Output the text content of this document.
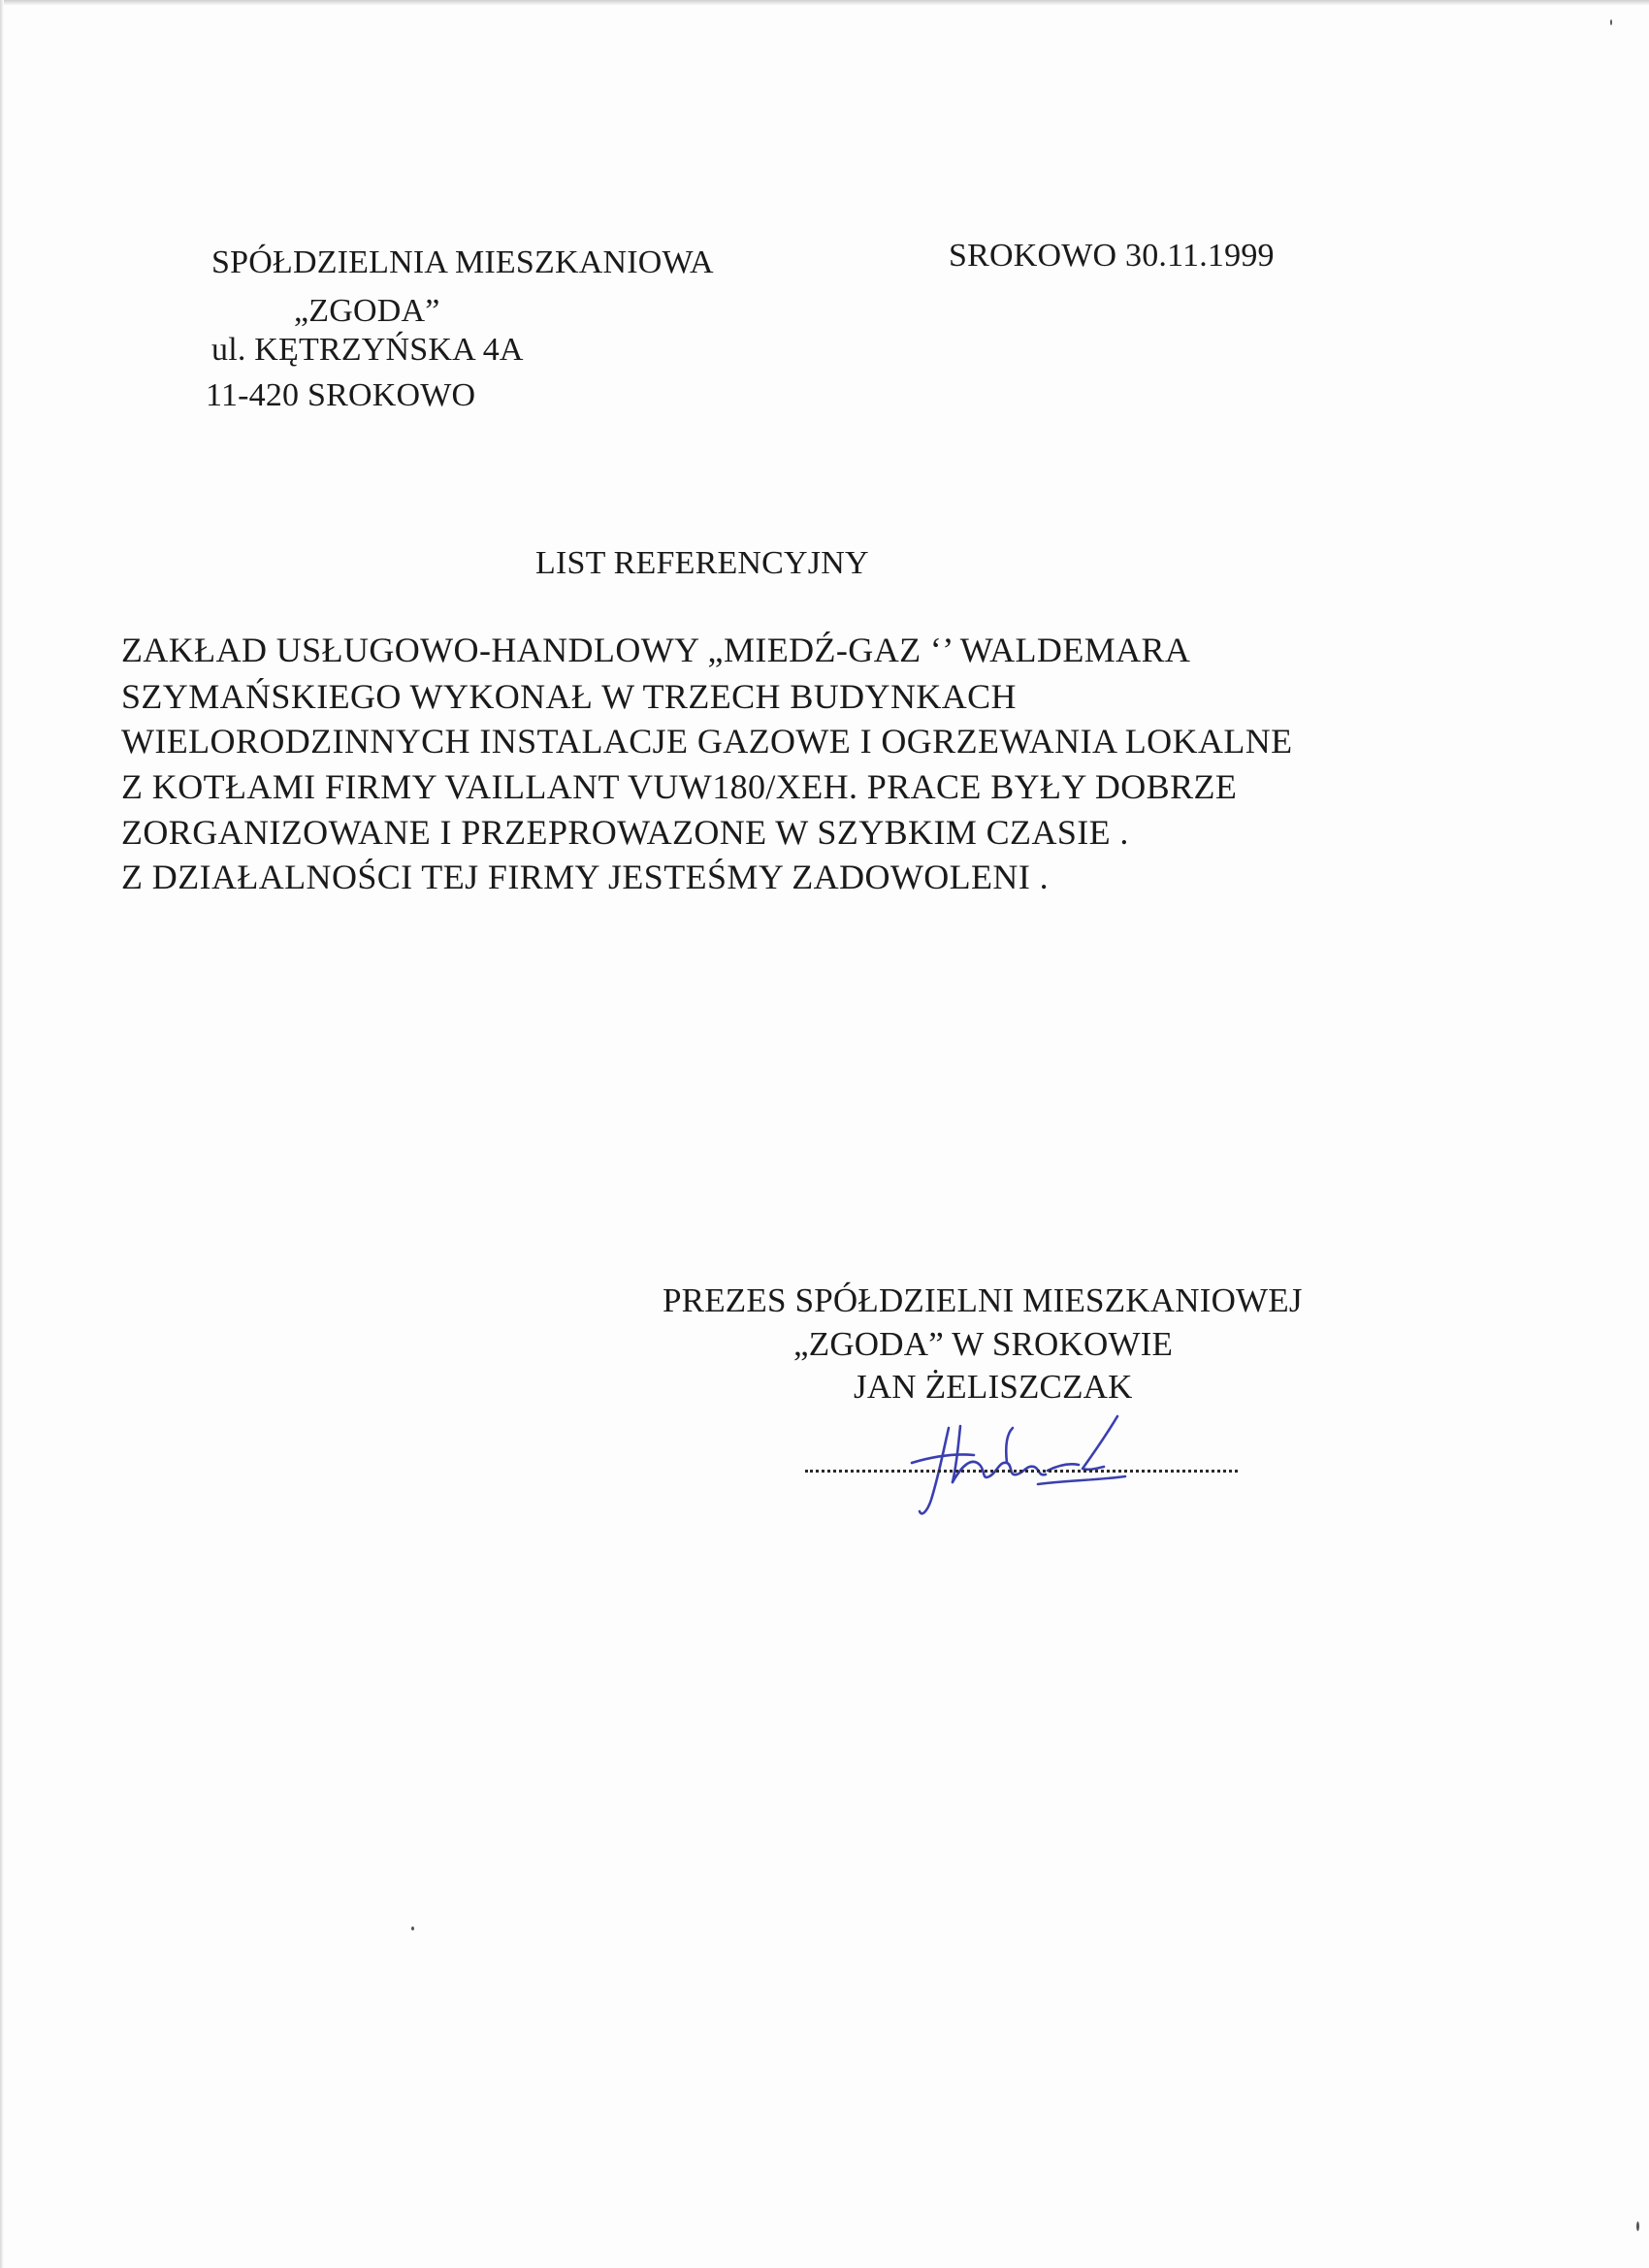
SPÓŁDZIELNIA MIESZKANIOWA

„ZGODA”

ul. KĘTRZYŃSKA 4A

11-420 SROKOWO

SROKOWO 30.11.1999

LIST REFERENCYJNY

ZAKŁAD USŁUGOWO-HANDLOWY „MIEDŹ-GAZ ‘’ WALDEMARA

SZYMAŃSKIEGO WYKONAŁ W TRZECH BUDYNKACH

WIELORODZINNYCH INSTALACJE GAZOWE I OGRZEWANIA LOKALNE

Z KOTŁAMI FIRMY VAILLANT VUW180/XEH. PRACE BYŁY DOBRZE

ZORGANIZOWANE I PRZEPROWAZONE W SZYBKIM CZASIE .

Z DZIAŁALNOŚCI TEJ FIRMY JESTEŚMY ZADOWOLENI .

PREZES SPÓŁDZIELNI MIESZKANIOWEJ

„ZGODA” W SROKOWIE

JAN ŻELISZCZAK
